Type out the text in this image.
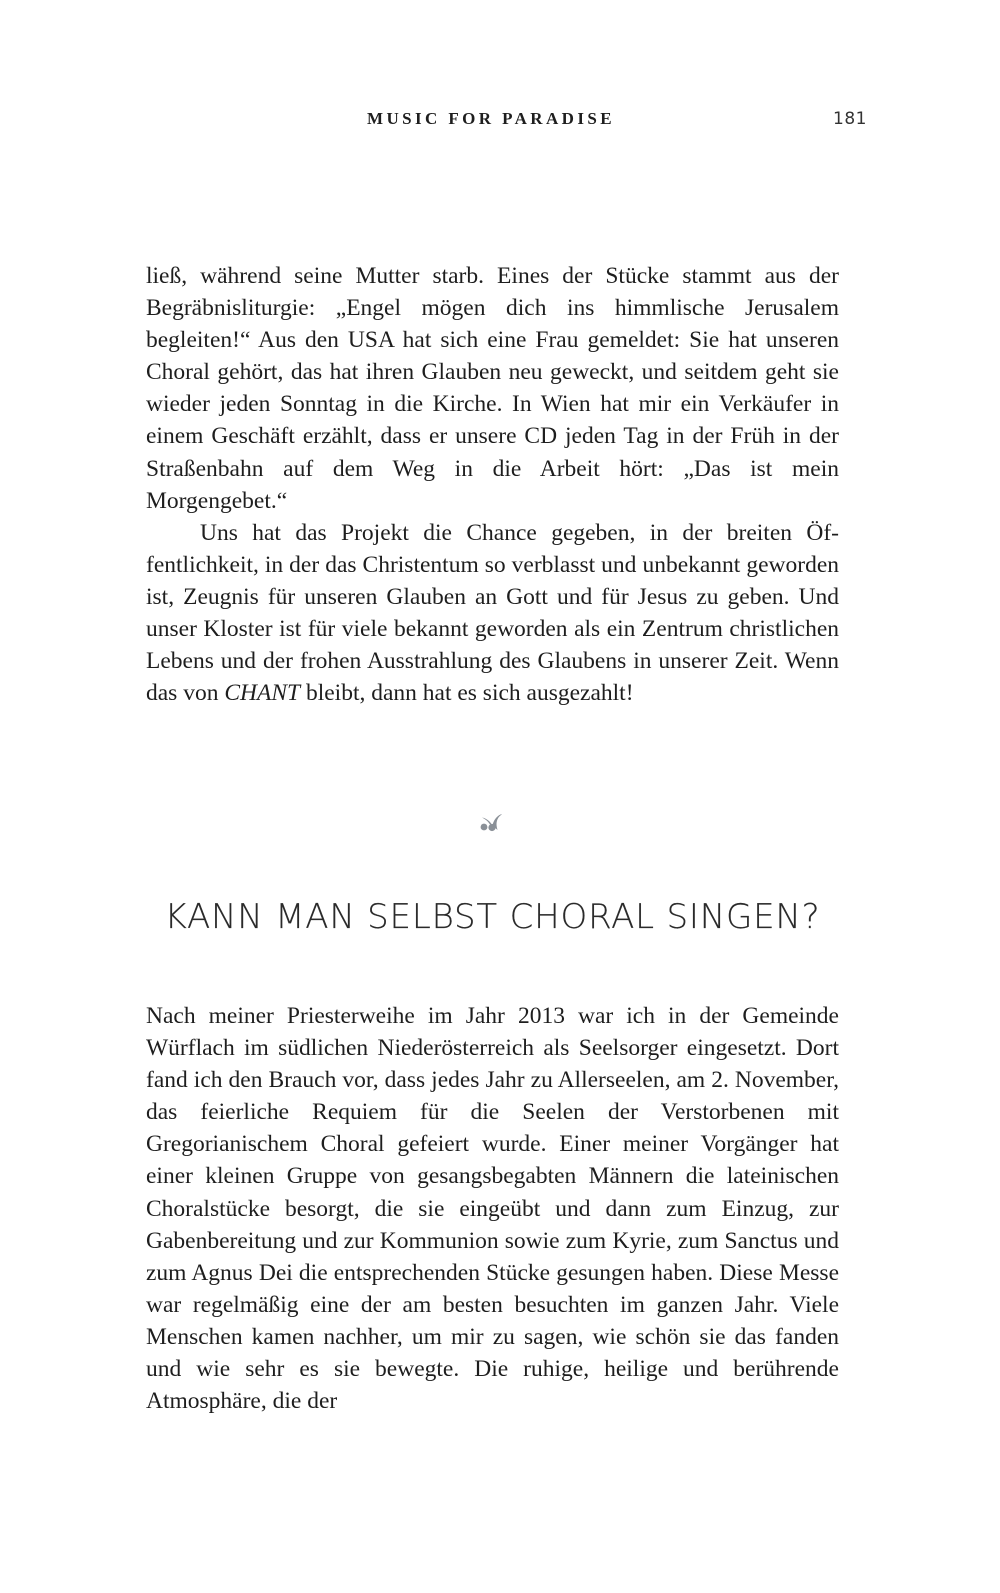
MUSIC FOR PARADISE	181

ließ, während seine Mutter starb. Eines der Stücke stammt aus der Begräbnisliturgie: „Engel mögen dich ins himmlische Jerusalem begleiten!“ Aus den USA hat sich eine Frau gemeldet: Sie hat unseren Choral gehört, das hat ihren Glauben neu geweckt, und seitdem geht sie wieder jeden Sonntag in die Kirche. In Wien hat mir ein Verkäufer in einem Geschäft erzählt, dass er unsere CD jeden Tag in der Früh in der Straßenbahn auf dem Weg in die Arbeit hört: „Das ist mein Morgengebet.“

Uns hat das Projekt die Chance gegeben, in der breiten Öffentlichkeit, in der das Christentum so verblasst und unbekannt geworden ist, Zeugnis für unseren Glauben an Gott und für Jesus zu geben. Und unser Kloster ist für viele bekannt geworden als ein Zentrum christlichen Lebens und der frohen Ausstrahlung des Glaubens in unserer Zeit. Wenn das von CHANT bleibt, dann hat es sich ausgezahlt!

KANN MAN SELBST CHORAL SINGEN?

Nach meiner Priesterweihe im Jahr 2013 war ich in der Gemeinde Würflach im südlichen Niederösterreich als Seelsorger eingesetzt. Dort fand ich den Brauch vor, dass jedes Jahr zu Allerseelen, am 2. November, das feierliche Requiem für die Seelen der Verstorbenen mit Gregorianischem Choral gefeiert wurde. Einer meiner Vorgänger hat einer kleinen Gruppe von gesangsbegabten Männern die lateinischen Choralstücke besorgt, die sie eingeübt und dann zum Einzug, zur Gabenbereitung und zur Kommunion sowie zum Kyrie, zum Sanctus und zum Agnus Dei die entsprechenden Stücke gesungen haben. Diese Messe war regelmäßig eine der am besten besuchten im ganzen Jahr. Viele Menschen kamen nachher, um mir zu sagen, wie schön sie das fanden und wie sehr es sie bewegte. Die ruhige, heilige und berührende Atmosphäre, die der
